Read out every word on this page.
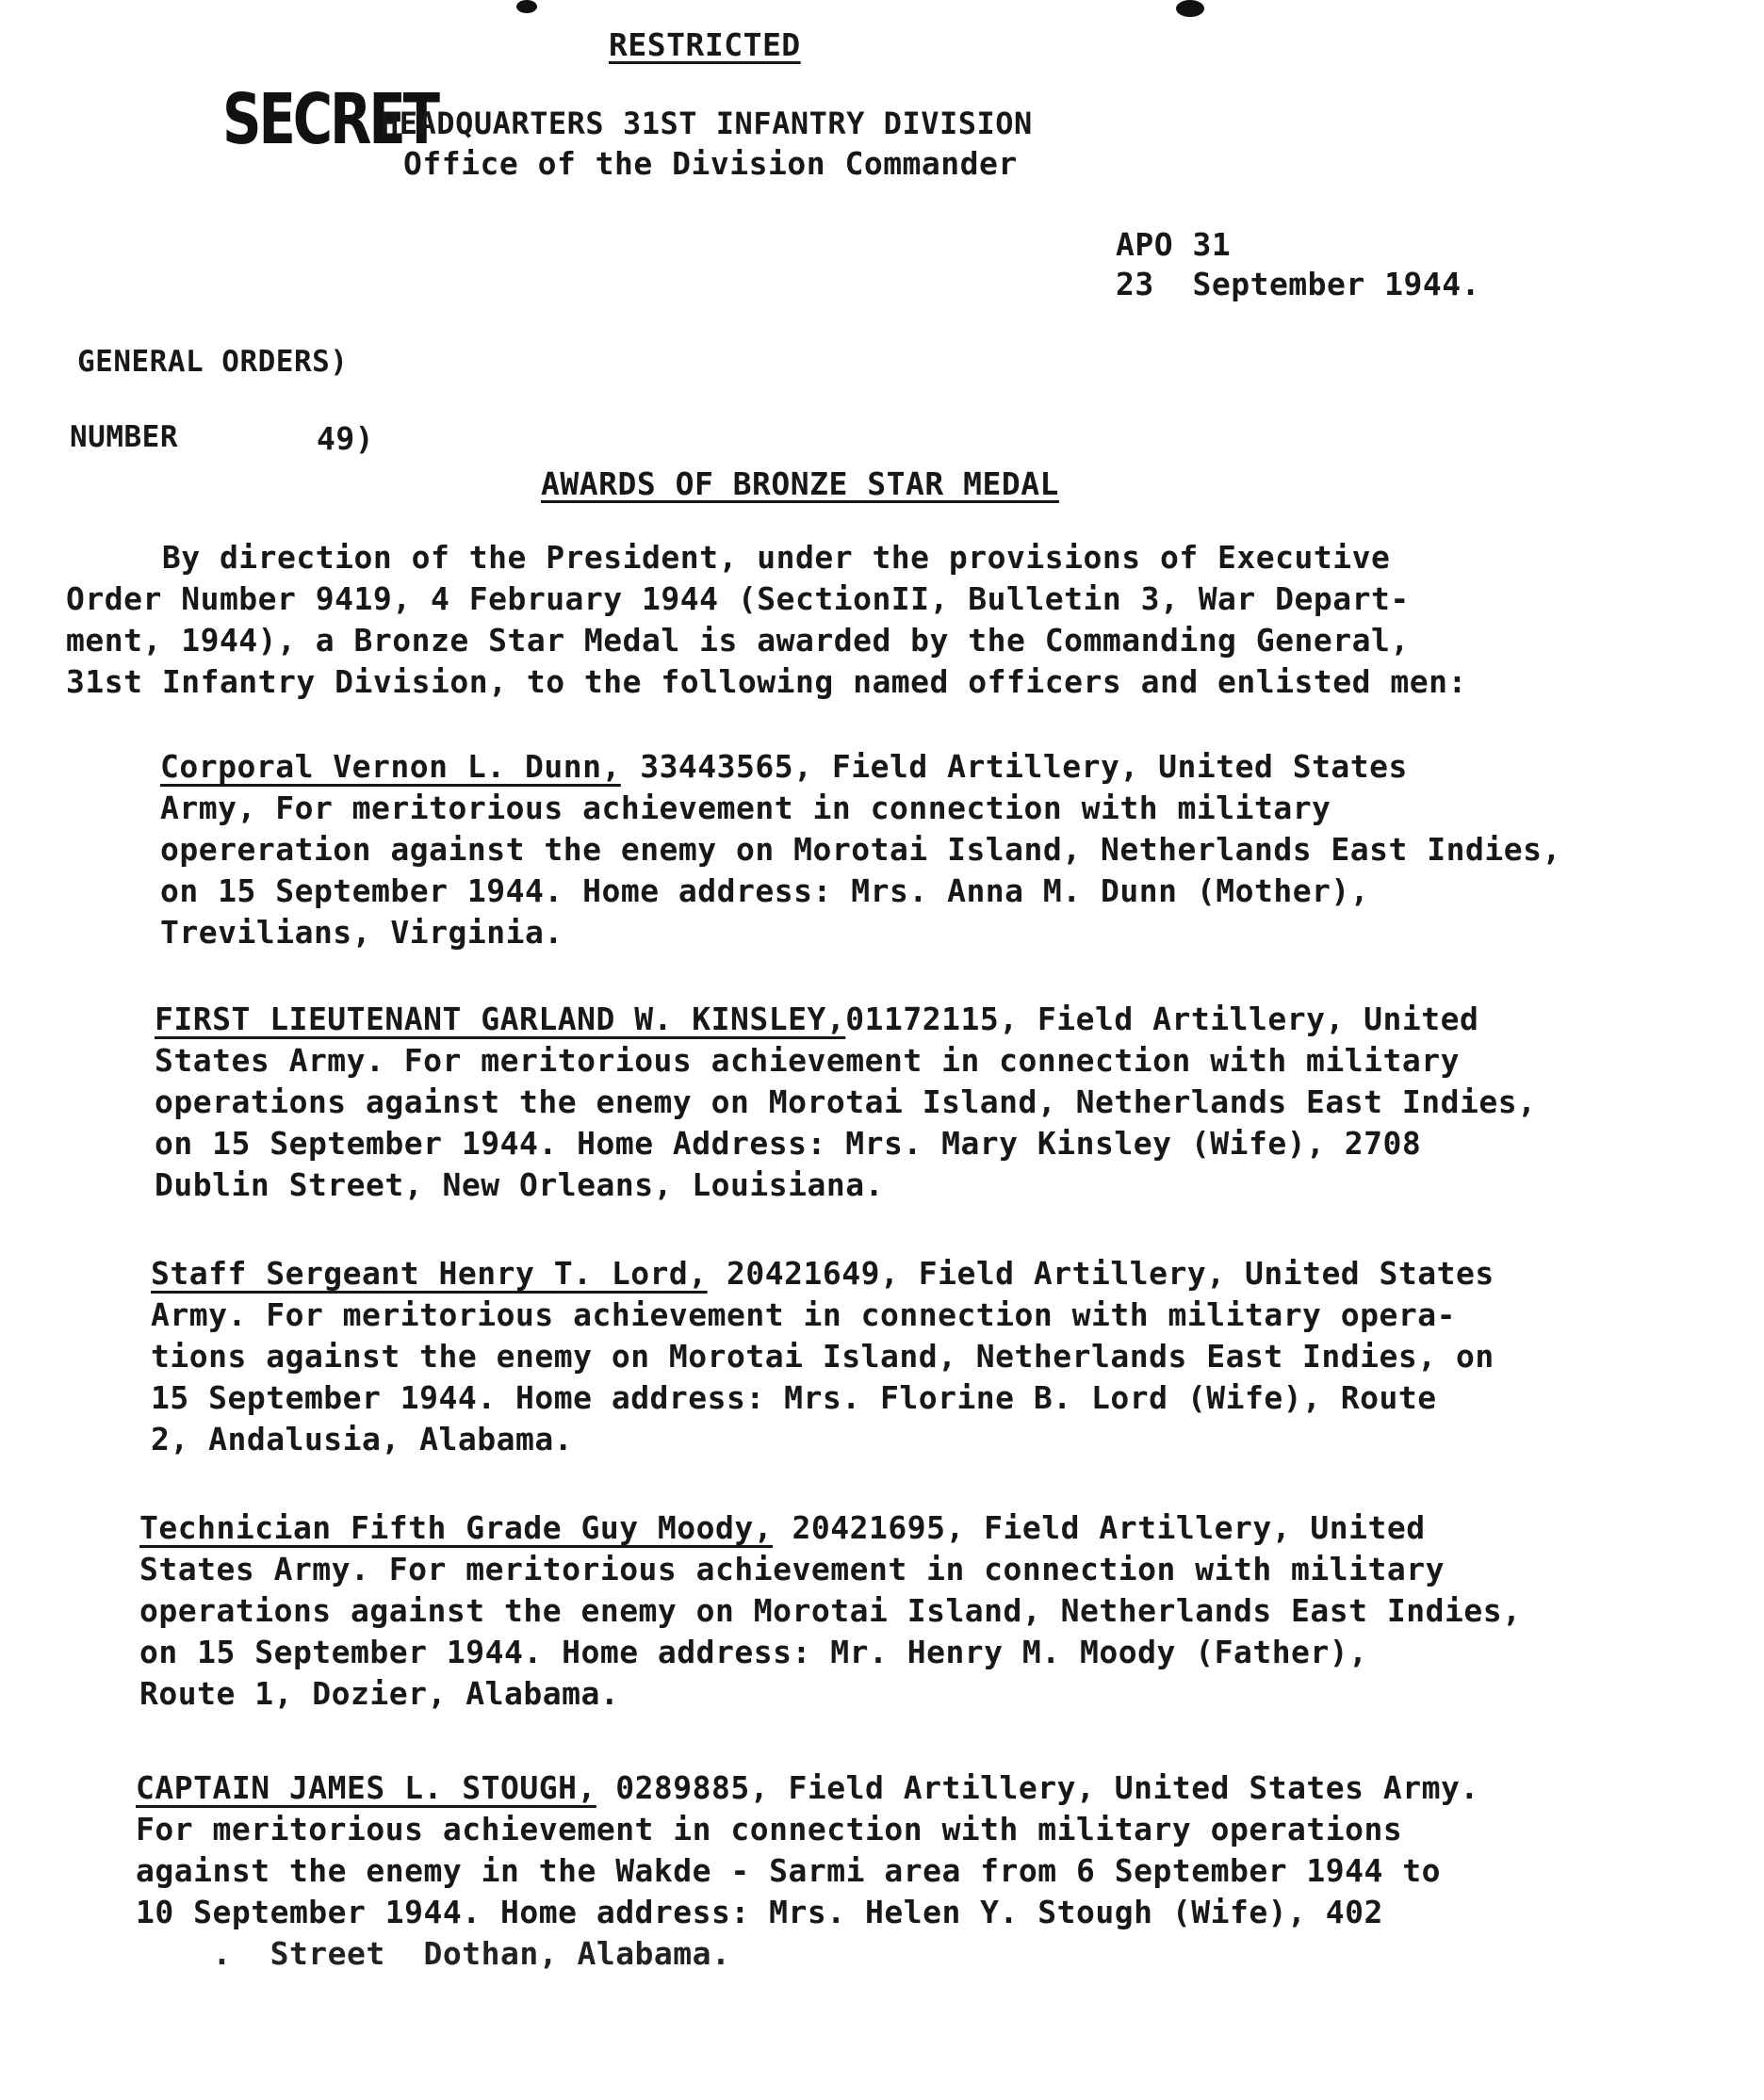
RESTRICTED
SECRET
HEADQUARTERS 31ST INFANTRY DIVISION
Office of the Division Commander
APO 31
23  September 1944.
GENERAL ORDERS)
NUMBER	49)
AWARDS OF BRONZE STAR MEDAL
By direction of the President, under the provisions of Executive
Order Number 9419, 4 February 1944 (SectionII, Bulletin 3, War Depart-
ment, 1944), a Bronze Star Medal is awarded by the Commanding General,
31st Infantry Division, to the following named officers and enlisted men:
Corporal Vernon L. Dunn, 33443565, Field Artillery, United States
Army, For meritorious achievement in connection with military
opereration against the enemy on Morotai Island, Netherlands East Indies,
on 15 September 1944. Home address: Mrs. Anna M. Dunn (Mother),
Trevilians, Virginia.
FIRST LIEUTENANT GARLAND W. KINSLEY,01172115, Field Artillery, United
States Army. For meritorious achievement in connection with military
operations against the enemy on Morotai Island, Netherlands East Indies,
on 15 September 1944. Home Address: Mrs. Mary Kinsley (Wife), 2708
Dublin Street, New Orleans, Louisiana.
Staff Sergeant Henry T. Lord, 20421649, Field Artillery, United States
Army. For meritorious achievement in connection with military opera-
tions against the enemy on Morotai Island, Netherlands East Indies, on
15 September 1944. Home address: Mrs. Florine B. Lord (Wife), Route
2, Andalusia, Alabama.
Technician Fifth Grade Guy Moody, 20421695, Field Artillery, United
States Army. For meritorious achievement in connection with military
operations against the enemy on Morotai Island, Netherlands East Indies,
on 15 September 1944. Home address: Mr. Henry M. Moody (Father),
Route 1, Dozier, Alabama.
CAPTAIN JAMES L. STOUGH, 0289885, Field Artillery, United States Army.
For meritorious achievement in connection with military operations
against the enemy in the Wakde - Sarmi area from 6 September 1944 to
10 September 1944. Home address: Mrs. Helen Y. Stough (Wife), 402
.  Street  Dothan, Alabama.
